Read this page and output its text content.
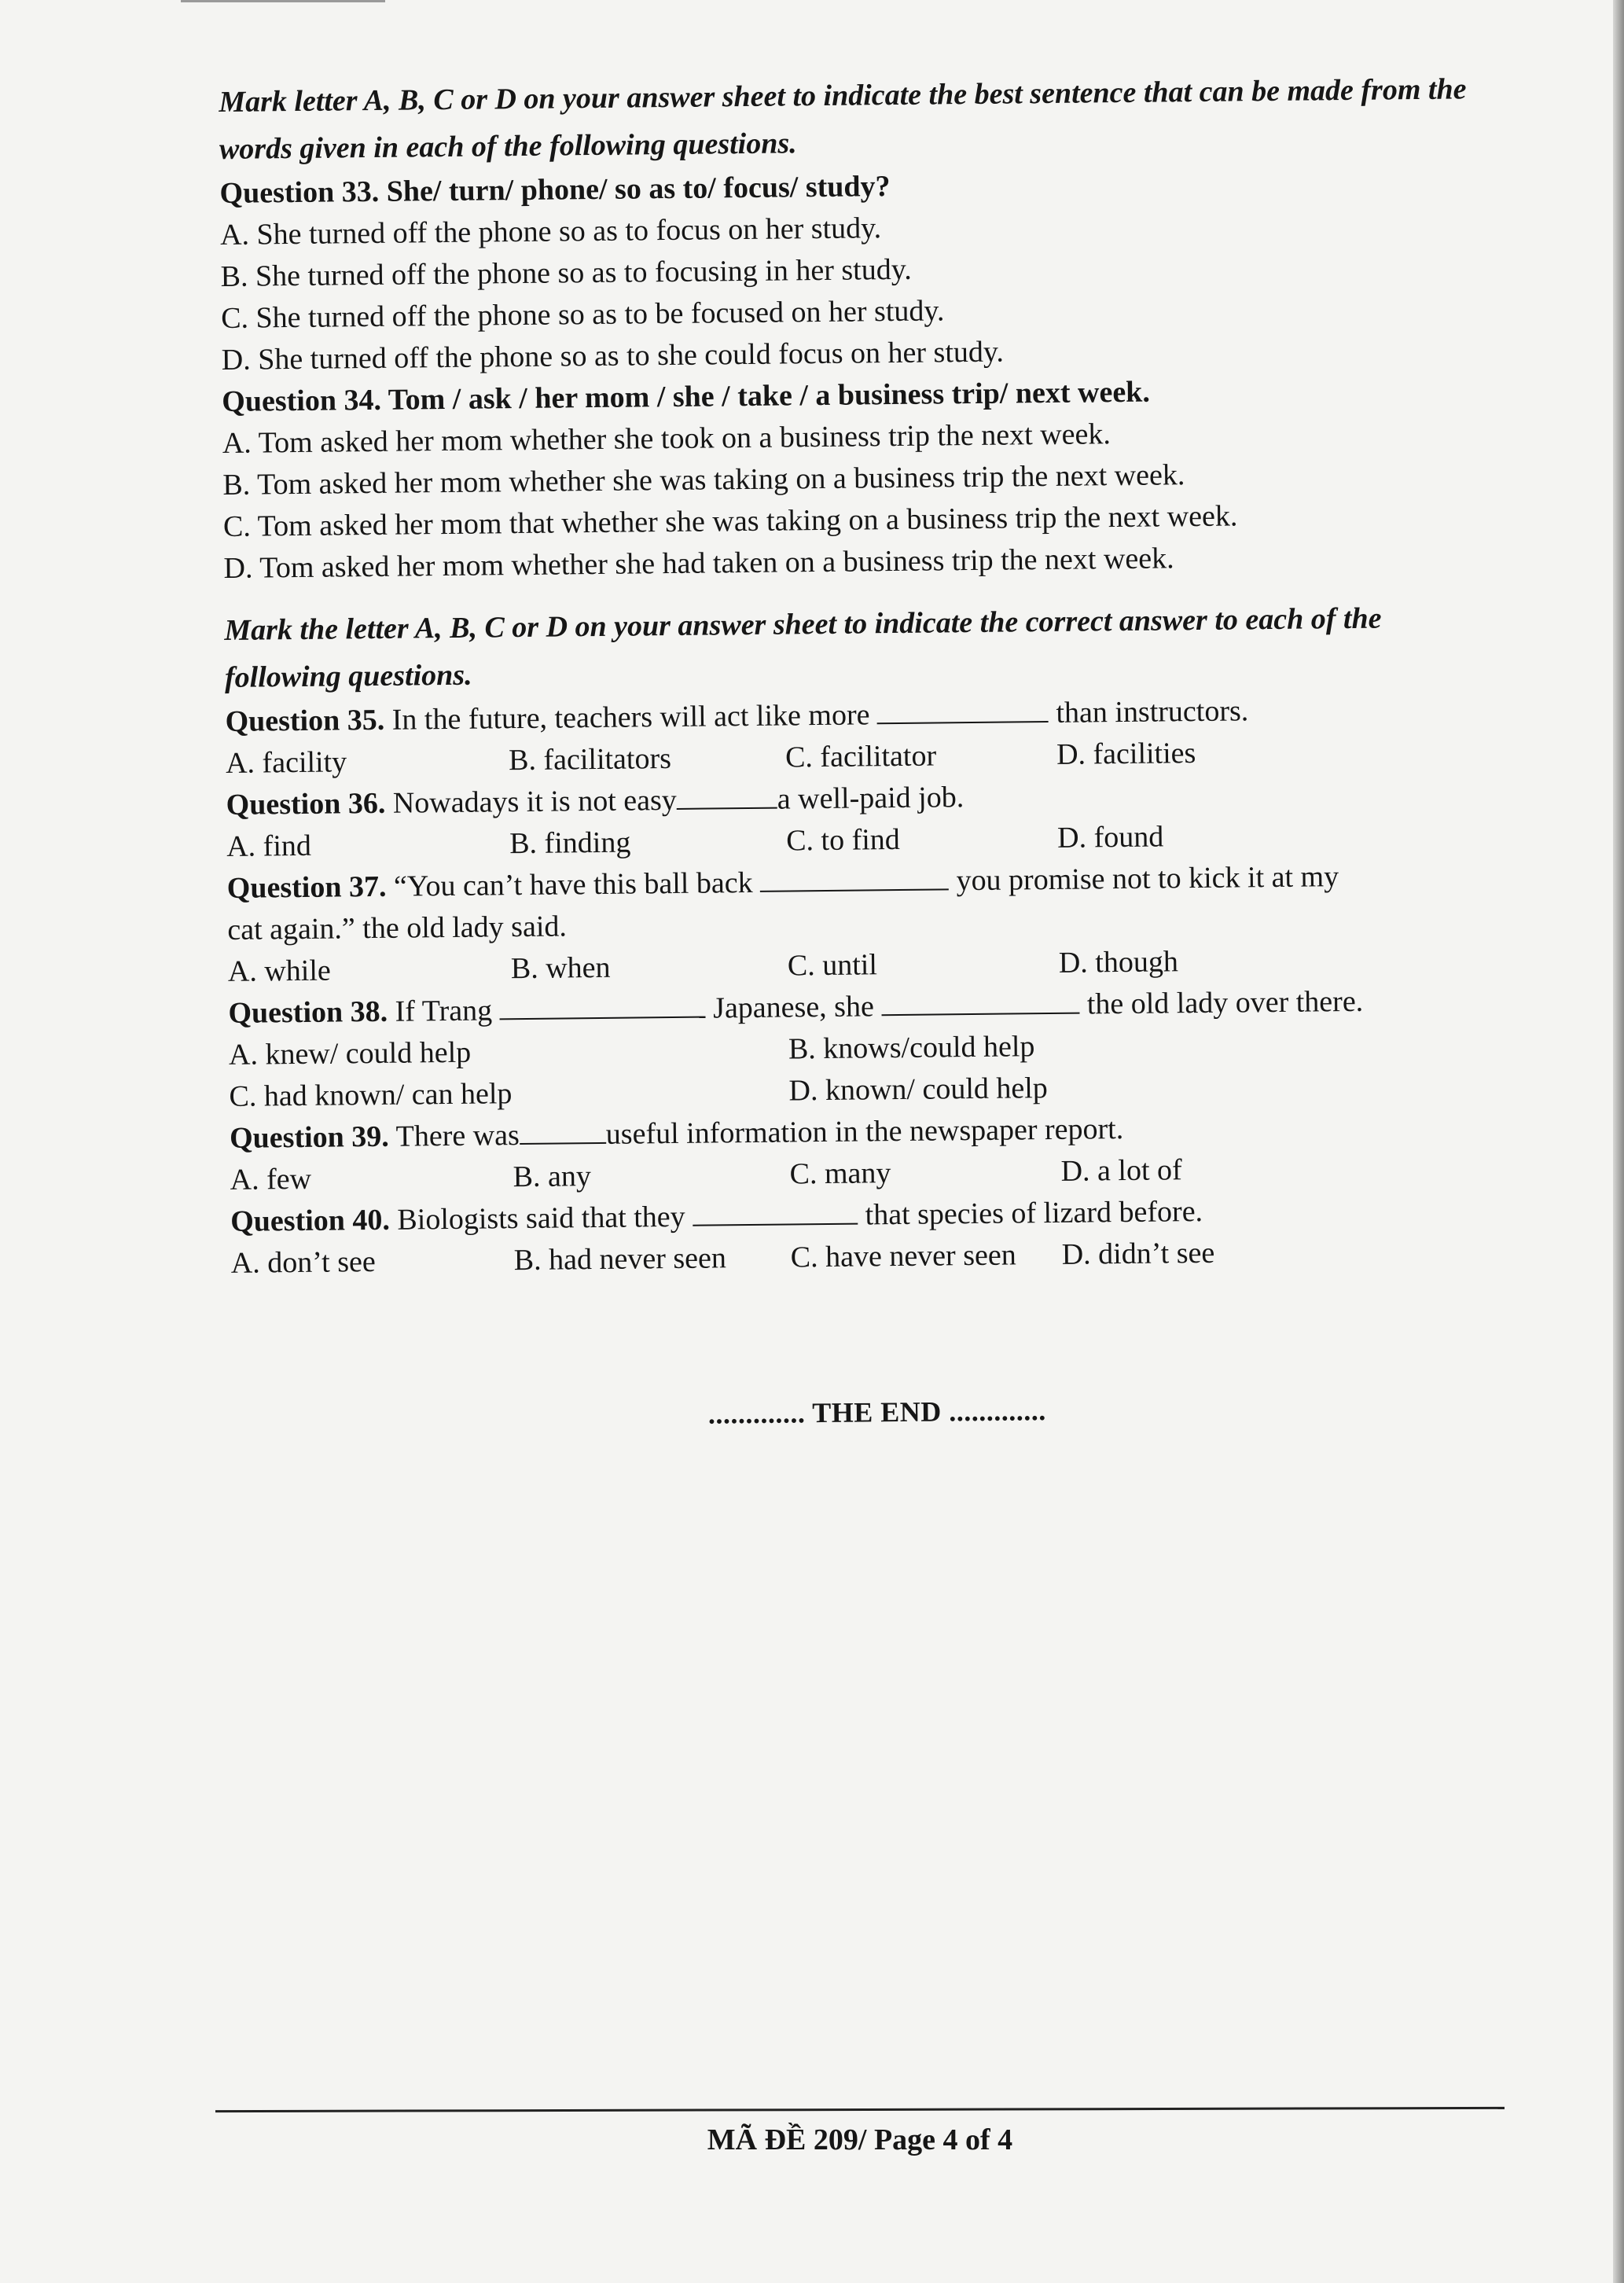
Mark letter A, B, C or D on your answer sheet to indicate the best sentence that can be made from the

words given in each of the following questions.

Question 33. She/ turn/ phone/ so as to/ focus/ study?

A. She turned off the phone so as to focus on her study.

B. She turned off the phone so as to focusing in her study.

C. She turned off the phone so as to be focused on her study.

D. She turned off the phone so as to she could focus on her study.

Question 34. Tom / ask / her mom / she / take / a business trip/ next week.

A. Tom asked her mom whether she took on a business trip the next week.

B. Tom asked her mom whether she was taking on a business trip the next week.

C. Tom asked her mom that whether she was taking on a business trip the next week.

D. Tom asked her mom whether she had taken on a business trip the next week.

Mark the letter A, B, C or D on your answer sheet to indicate the correct answer to each of the

following questions.

Question 35. In the future, teachers will act like more	than instructors.

A. facility	B. facilitators	C. facilitator	D. facilities

Question 36. Nowadays it is not easy	a well-paid job.

A. find	B. finding	C. to find	D. found

Question 37. “You can’t have this ball back	you promise not to kick it at my

cat again.” the old lady said.

A. while	B. when	C. until	D. though

Question 38. If Trang	Japanese, she	the old lady over there.

A. knew/ could help	B. knows/could help
C. had known/ can help	D. known/ could help

Question 39. There was	useful information in the newspaper report.

A. few	B. any	C. many	D. a lot of

Question 40. Biologists said that they	that species of lizard before.

A. don’t see	B. had never seen	C. have never seen	D. didn’t see
............. THE END .............
MÃ ĐỀ 209/ Page 4 of 4
